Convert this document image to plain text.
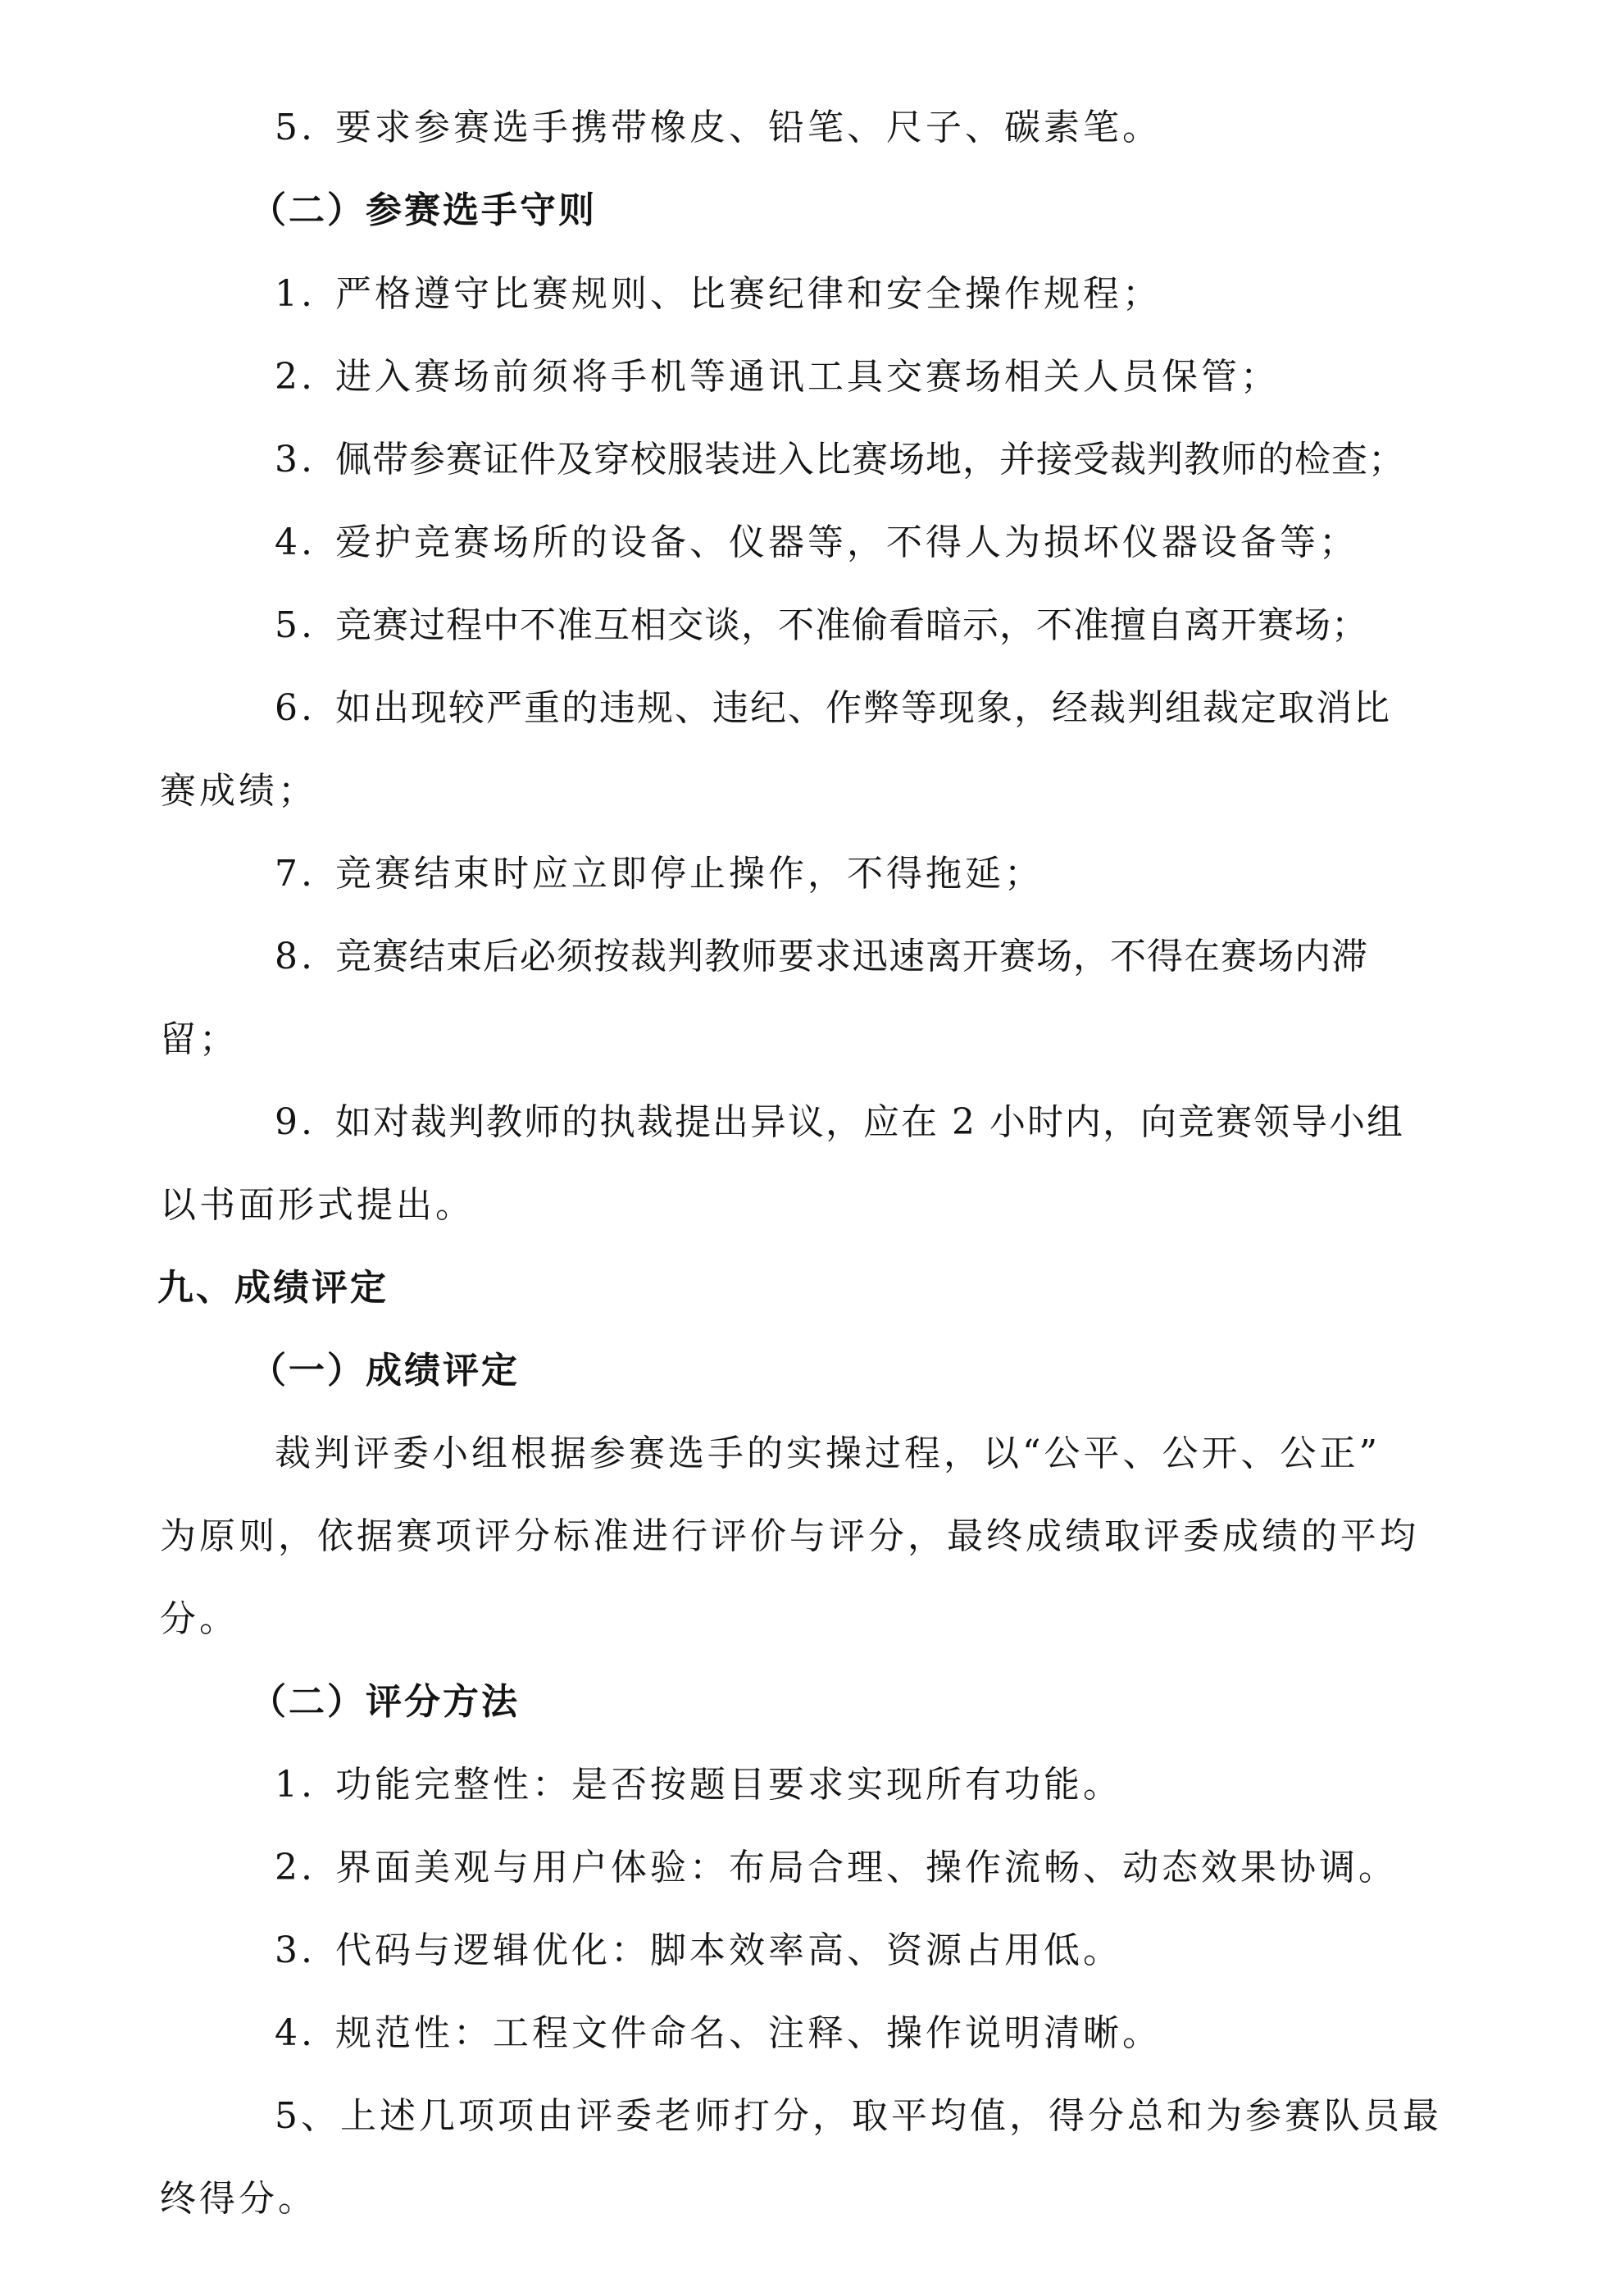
5. 要求参赛选手携带橡皮、铅笔、尺子、碳素笔。
（二）参赛选手守则
1. 严格遵守比赛规则、比赛纪律和安全操作规程；
2. 进入赛场前须将手机等通讯工具交赛场相关人员保管；
3. 佩带参赛证件及穿校服装进入比赛场地，并接受裁判教师的检查；
4. 爱护竞赛场所的设备、仪器等，不得人为损坏仪器设备等；
5. 竞赛过程中不准互相交谈，不准偷看暗示，不准擅自离开赛场；
6. 如出现较严重的违规、违纪、作弊等现象，经裁判组裁定取消比
赛成绩；
7. 竞赛结束时应立即停止操作，不得拖延；
8. 竞赛结束后必须按裁判教师要求迅速离开赛场，不得在赛场内滞
留；
9. 如对裁判教师的执裁提出异议，应在 2 小时内，向竞赛领导小组
以书面形式提出。
九、成绩评定
（一）成绩评定
裁判评委小组根据参赛选手的实操过程，以“公平、公开、公正”
为原则，依据赛项评分标准进行评价与评分，最终成绩取评委成绩的平均
分。
（二）评分方法
1. 功能完整性：是否按题目要求实现所有功能。
2. 界面美观与用户体验：布局合理、操作流畅、动态效果协调。
3. 代码与逻辑优化：脚本效率高、资源占用低。
4. 规范性：工程文件命名、注释、操作说明清晰。
5、上述几项项由评委老师打分，取平均值，得分总和为参赛队员最
终得分。
